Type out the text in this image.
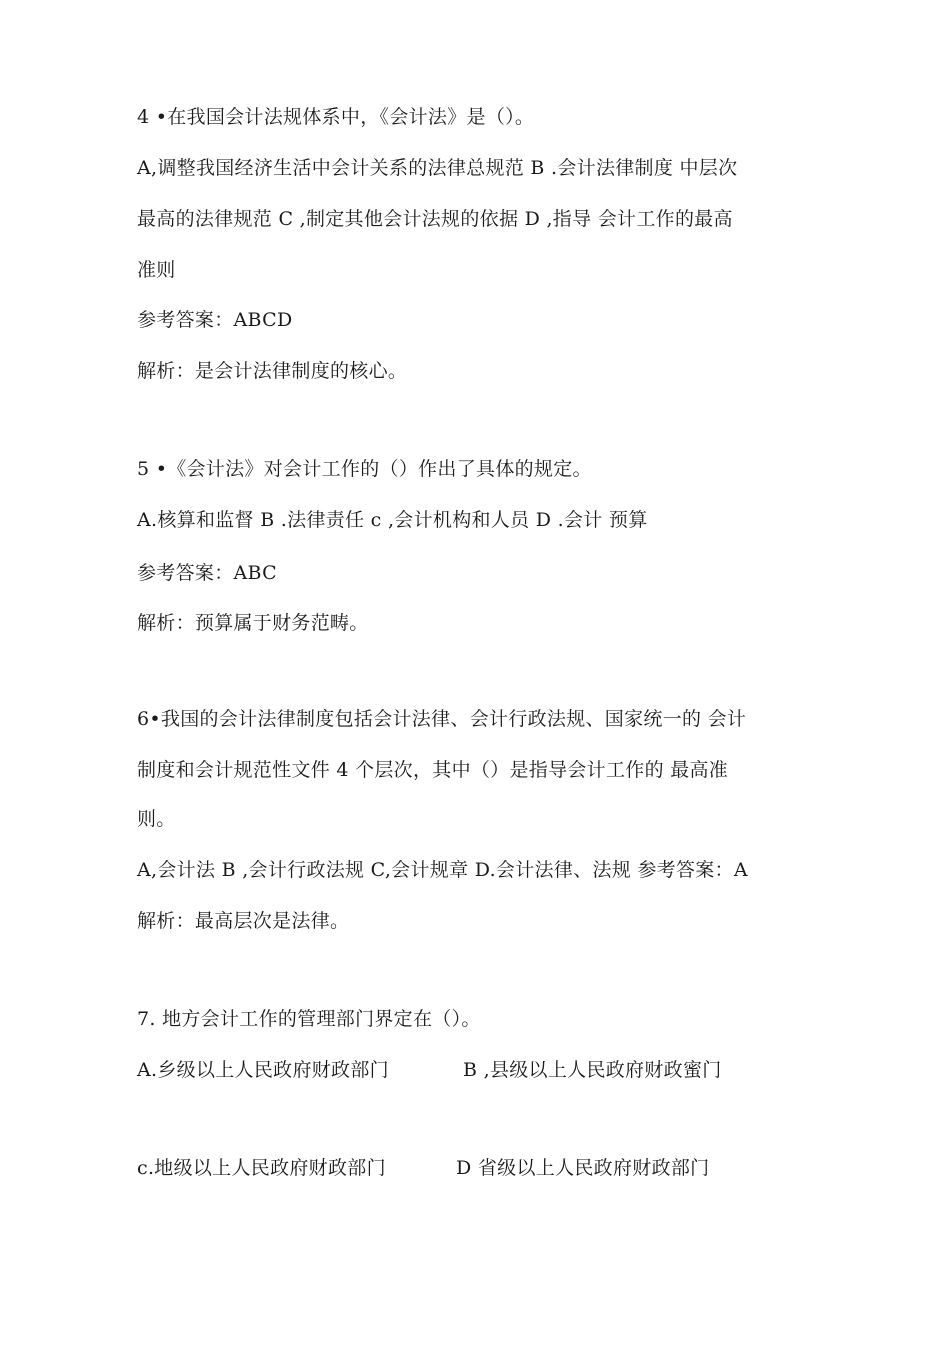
4 •在我国会计法规体系中，《会计法》是（）。
A,调整我国经济生活中会计关系的法律总规范 B .会计法律制度 中层次
最高的法律规范 C ,制定其他会计法规的依据 D ,指导 会计工作的最高
准则
参考答案：ABCD
解析：是会计法律制度的核心。
5 •《会计法》对会计工作的（）作出了具体的规定。
A.核算和监督 B .法律责任 c ,会计机构和人员 D .会计 预算
参考答案：ABC
解析：预算属于财务范畴。
6•我国的会计法律制度包括会计法律、会计行政法规、国家统一的 会计
制度和会计规范性文件 4 个层次，其中（）是指导会计工作的 最高准
则。
A,会计法 B ,会计行政法规 C,会计规章 D.会计法律、法规 参考答案：A
解析：最高层次是法律。
7. 地方会计工作的管理部门界定在（）。
A.乡级以上人民政府财政部门	B ,县级以上人民政府财政蜜门
c.地级以上人民政府财政部门	D 省级以上人民政府财政部门
